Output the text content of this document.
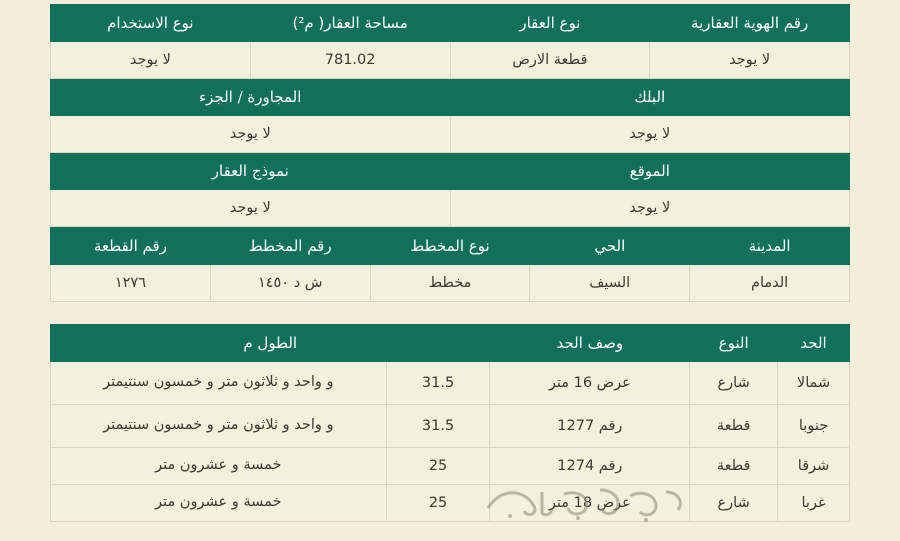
رقم الهوية العقارية	نوع العقار	مساحة العقار( م²)	نوع الاستخدام
لا يوجد	قطعة الارض	781.02	لا يوجد
البلك		المجاورة / الجزء	
لا يوجد		لا يوجد	
الموقع		نموذج العقار	
لا يوجد		لا يوجد	
المدينة	الحي	نوع المخطط	رقم المخطط	رقم القطعة
الدمام	السيف	مخطط	ش د ١٤٥٠	١٢٧٦
الحد	النوع	وصف الحد	الطول م	
شمالا	شارع	عرض 16 متر	31.5	و واحد و ثلاثون متر و خمسون سنتيمتر
جنوبا	قطعة	رقم 1277	31.5	و واحد و ثلاثون متر و خمسون سنتيمتر
شرقا	قطعة	رقم 1274	25	خمسة و عشرون متر
غربا	شارع	عرض 18 متر	25	خمسة و عشرون متر
